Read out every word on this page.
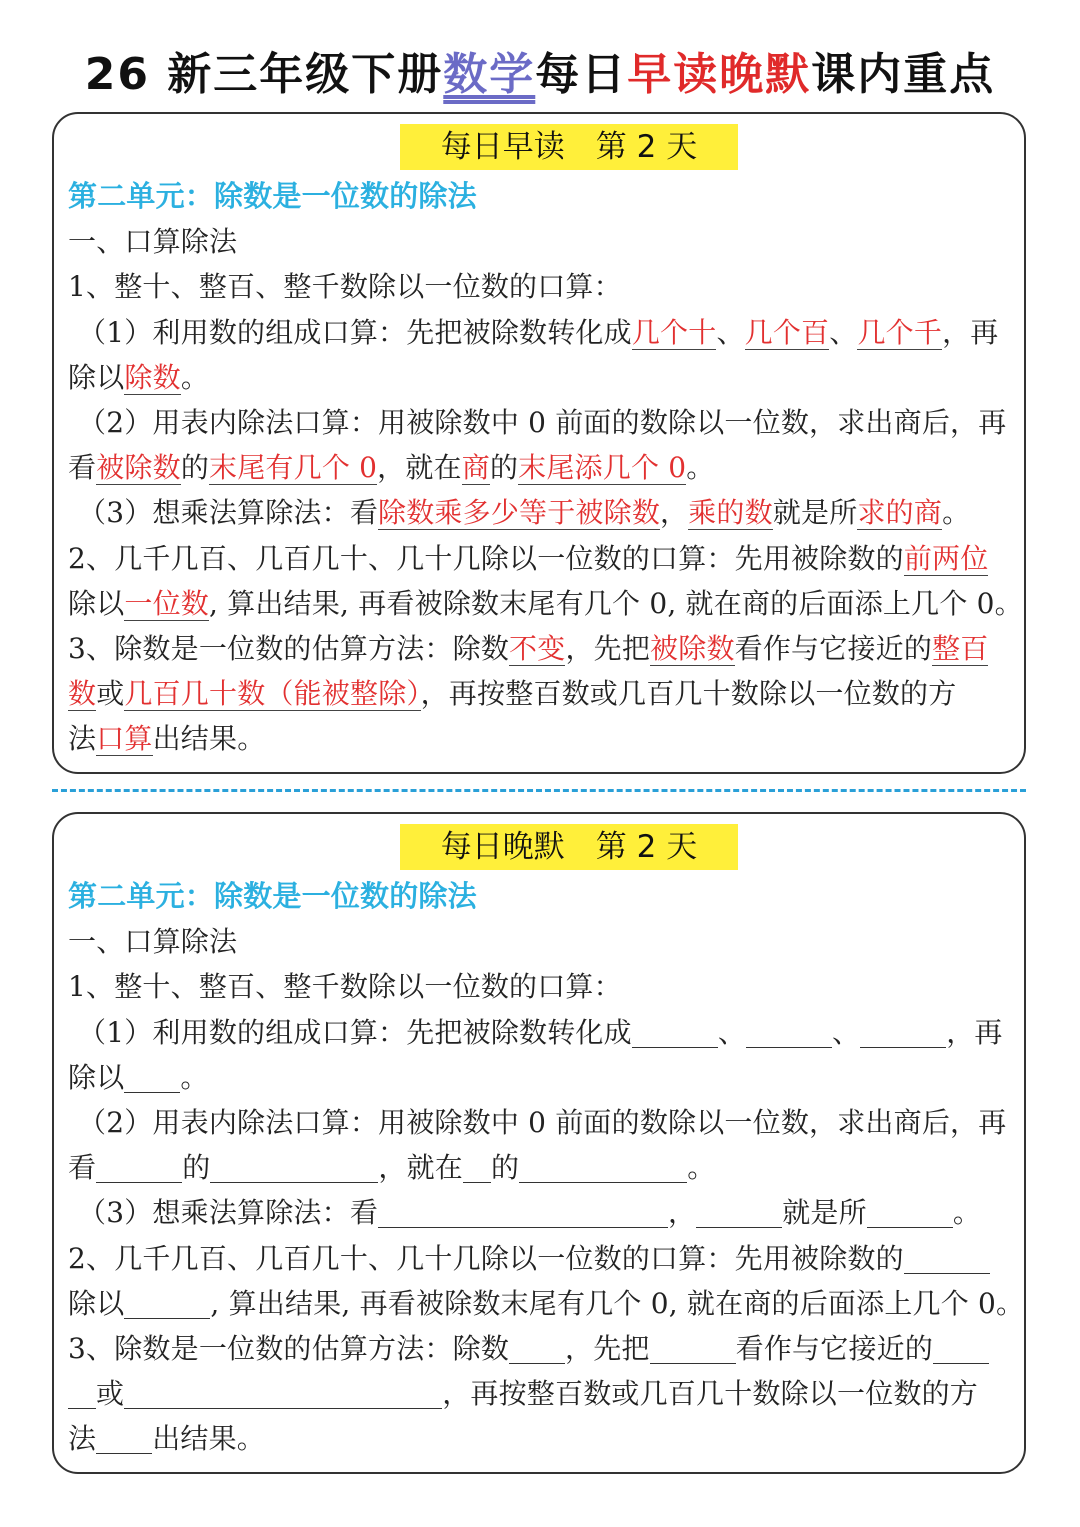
26 新三年级下册数学每日早读晚默课内重点
每日早读　第 2 天
第二单元：除数是一位数的除法
一、口算除法
1、整十、整百、整千数除以一位数的口算：
（1）利用数的组成口算：先把被除数转化成几个十、几个百、几个千，再
除以除数。
（2）用表内除法口算：用被除数中 0 前面的数除以一位数，求出商后，再
看被除数的末尾有几个 0，就在商的末尾添几个 0。
（3）想乘法算除法：看除数乘多少等于被除数，乘的数就是所求的商。
2、几千几百、几百几十、几十几除以一位数的口算：先用被除数的前两位
除以一位数, 算出结果, 再看被除数末尾有几个 0, 就在商的后面添上几个 0。
3、除数是一位数的估算方法：除数不变，先把被除数看作与它接近的整百
数或几百几十数（能被整除），再按整百数或几百几十数除以一位数的方
法口算出结果。
每日晚默　第 2 天
第二单元：除数是一位数的除法
一、口算除法
1、整十、整百、整千数除以一位数的口算：
（1）利用数的组成口算：先把被除数转化成	、	、	，再
除以 。
（2）用表内除法口算：用被除数中 0 前面的数除以一位数，求出商后，再
看	的	，就在 的	。
（3）想乘法算除法：看	，	就是所	。
2、几千几百、几百几十、几十几除以一位数的口算：先用被除数的
除以	, 算出结果, 再看被除数末尾有几个 0, 就在商的后面添上几个 0。
3、除数是一位数的估算方法：除数 ，先把	看作与它接近的
或	，再按整百数或几百几十数除以一位数的方
法 出结果。
